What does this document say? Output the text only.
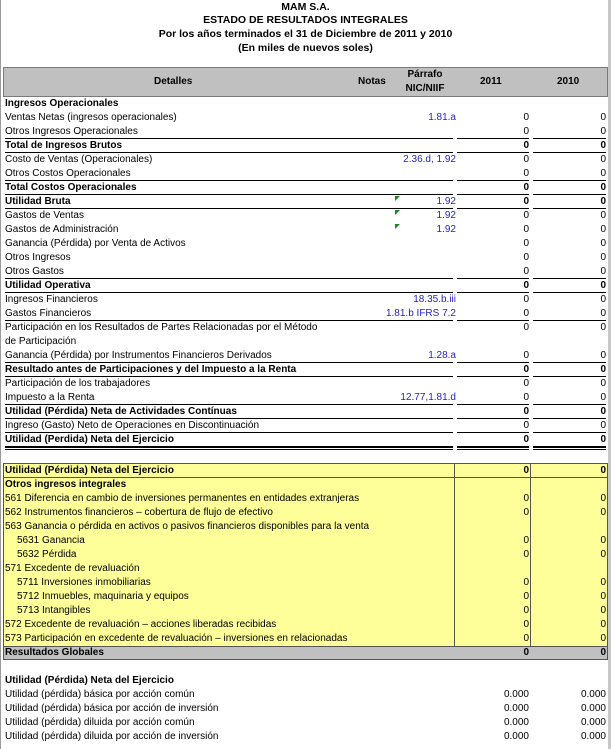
MAM S.A.
ESTADO DE RESULTADOS INTEGRALES
Por los años terminados el 31 de Diciembre de 2011 y 2010
(En miles de nuevos soles)
Detalles	Notas
Párrafo
NIC/NIIF
2011	2010
Ingresos Operacionales
Ventas Netas (ingresos operacionales)	1.81.a	0	0
Otros Ingresos Operacionales	0	0
Total de Ingresos Brutos	0	0
Costo de Ventas (Operacionales)	2.36.d, 1.92	0	0
Otros Costos Operacionales	0	0
Total Costos Operacionales	0	0
Utilidad Bruta	1.92	0	0
Gastos de Ventas	1.92	0	0
Gastos de Administración	1.92	0	0
Ganancia (Pérdida) por Venta de Activos	0	0
Otros Ingresos	0	0
Otros Gastos	0	0
Utilidad Operativa	0	0
Ingresos Financieros	18.35.b.iii	0	0
Gastos Financieros	1.81.b IFRS 7.2	0	0
Participación en los Resultados de Partes Relacionadas por el Método	0	0
de Participación
Ganancia (Pérdida) por Instrumentos Financieros Derivados	1.28.a	0	0
Resultado antes de Participaciones y del Impuesto a la Renta	0	0
Participación de los trabajadores	0	0
Impuesto a la Renta	12.77,1.81.d	0	0
Utilidad (Pérdida) Neta de Actividades Contínuas	0	0
Ingreso (Gasto) Neto de Operaciones en Discontinuación	0	0
Utilidad (Perdida) Neta del Ejercicio	0	0
Utilidad (Pérdida) Neta del Ejercicio	0	0
Otros ingresos integrales
561 Diferencia en cambio de inversiones permanentes en entidades extranjeras	0	0
562 Instrumentos financieros – cobertura de flujo de efectivo	0	0
563 Ganancia o pérdida en activos o pasivos financieros disponibles para la venta
5631 Ganancia	0	0
5632 Pérdida	0	0
571 Excedente de revaluación
5711 Inversiones inmobiliarias	0	0
5712 Inmuebles, maquinaria y equipos	0	0
5713 Intangibles	0	0
572 Excedente de revaluación – acciones liberadas recibidas	0	0
573 Participación en excedente de revaluación – inversiones en relacionadas	0	0
Resultados Globales	0	0
Utilidad (Pérdida) Neta del Ejercicio
Utilidad (pérdida) básica por acción común	0.000	0.000
Utilidad (pérdida) básica por acción de inversión	0.000	0.000
Utilidad (pérdida) diluida por acción común	0.000	0.000
Utilidad (pérdida) diluida por acción de inversión	0.000	0.000
